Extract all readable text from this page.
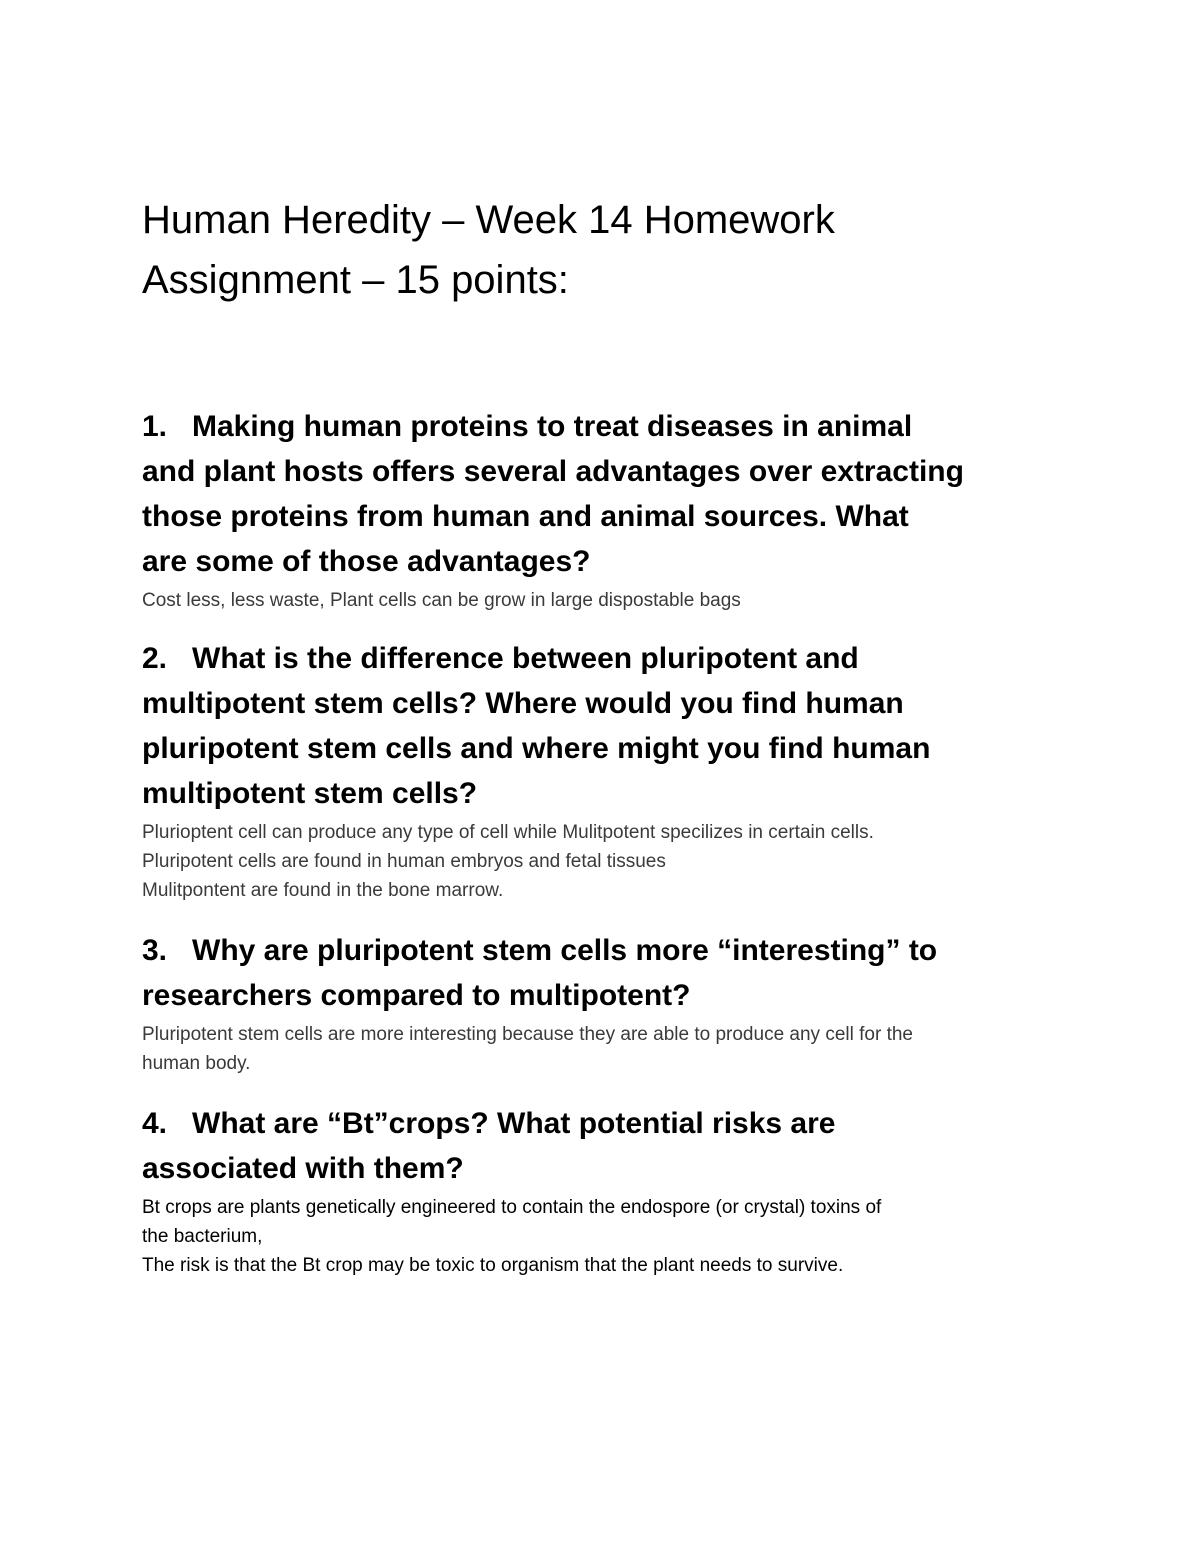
Human Heredity – Week 14 Homework
Assignment – 15 points:

1. Making human proteins to treat diseases in animal
and plant hosts offers several advantages over extracting
those proteins from human and animal sources. What
are some of those advantages?

Cost less, less waste, Plant cells can be grow in large dispostable bags

2. What is the difference between pluripotent and
multipotent stem cells? Where would you find human
pluripotent stem cells and where might you find human
multipotent stem cells?

Plurioptent cell can produce any type of cell while Mulitpotent specilizes in certain cells.

Pluripotent cells are found in human embryos and fetal tissues

Mulitpontent are found in the bone marrow.

3. Why are pluripotent stem cells more “interesting” to
researchers compared to multipotent?

Pluripotent stem cells are more interesting because they are able to produce any cell for the

human body.

4. What are “Bt”crops? What potential risks are
associated with them?

Bt crops are plants genetically engineered to contain the endospore (or crystal) toxins of

the bacterium,

The risk is that the Bt crop may be toxic to organism that the plant needs to survive.
